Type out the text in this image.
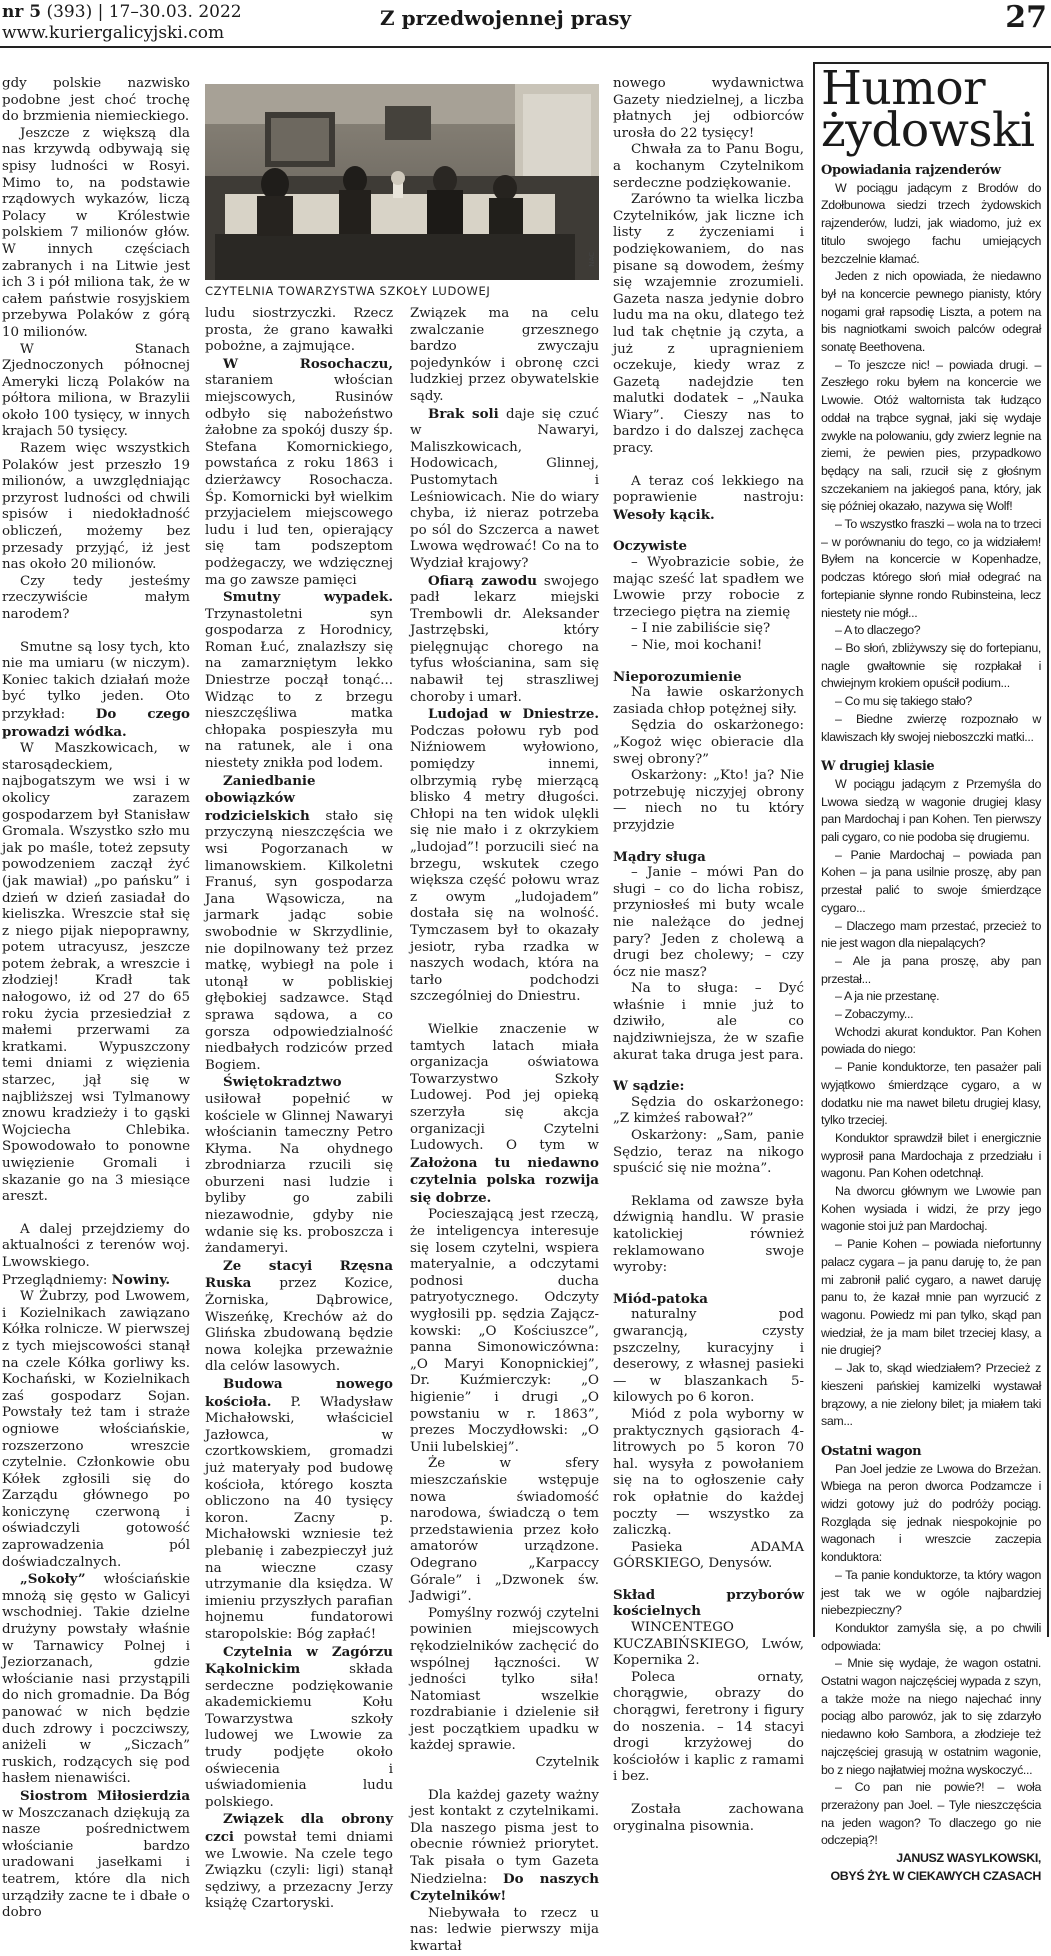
nr 5 (393) | 17–30.03. 2022
www.kuriergalicyjski.com
Z przedwojennej prasy	27

gdy polskie nazwisko podobne jest choć trochę do brzmienia niemieckiego.

Jeszcze z większą dla nas krzywdą odbywają się spisy ludności w Rosyi. Mimo to, na podstawie rządowych wykazów, liczą Polacy w Królestwie polskiem 7 milionów głów. W innych częściach zabranych i na Litwie jest ich 3 i pół miliona tak, że w całem państwie rosyjskiem przebywa Polaków z górą 10 milionów.

W Stanach Zjednoczonych północnej Ameryki liczą Polaków na półtora miliona, w Brazylii około 100 tysięcy, w innych krajach 50 tysięcy.

Razem więc wszystkich Polaków jest przeszło 19 milionów, a uwzględniając przyrost ludności od chwili spisów i niedokładność obliczeń, możemy bez przesady przyjąć, iż jest nas około 20 milionów.

Czy tedy jesteśmy rzeczywiście małym narodem?

Smutne są losy tych, kto nie ma umiaru (w niczym). Koniec takich działań może być tylko jeden. Oto przykład: Do czego prowadzi wódka.

W Maszkowicach, w starosądeckiem, najbogatszym we wsi i w okolicy zarazem gospodarzem był Stanisław Gromala. Wszystko szło mu jak po maśle, toteż zepsuty powodzeniem zaczął żyć (jak mawiał) „po pańsku” i dzień w dzień zasiadał do kieliszka. Wreszcie stał się z niego pijak niepoprawny, potem utracyusz, jeszcze potem żebrak, a wreszcie i złodziej! Kradł tak nałogowo, iż od 27 do 65 roku życia przesiedział z małemi przerwami za kratkami. Wypuszczony temi dniami z więzienia starzec, jął się w najbliższej wsi Tylmanowy znowu kradzieży i to gąski Wojciecha Chlebika. Spowodowało to ponowne uwięzienie Gromali i skazanie go na 3 miesiące areszt.

A dalej przejdziemy do aktualności z terenów woj. Lwowskiego. Przeglądniemy: Nowiny.

W Żubrzy, pod Lwowem, i Kozielnikach zawiązano Kółka rolnicze. W pierwszej z tych miejscowości stanął na czele Kółka gorliwy ks. Kochański, w Kozielnikach zaś gospodarz Sojan. Powstały też tam i straże ogniowe włościańskie, rozszerzono wreszcie czytelnie. Członkowie obu Kółek zgłosili się do Zarządu głównego po koniczynę czerwoną i oświadczyli gotowość zaprowadzenia pól doświadczalnych.

„Sokoły” włościańskie mnożą się gęsto w Galicyi wschodniej. Takie dzielne drużyny powstały właśnie w Tarnawicy Polnej i Jeziorzanach, gdzie włościanie nasi przystąpili do nich gromadnie. Da Bóg panować w nich będzie duch zdrowy i poczciwszy, aniżeli w „Siczach” ruskich, rodzących się pod hasłem nienawiści.

Siostrom Miłosierdzia w Moszczanach dziękują za nasze pośrednictwem włościanie bardzo uradowani jasełkami i teatrem, które dla nich urządziły zacne te i dbałe o dobro

CZYTELNIA TOWARZYSTWA SZKOŁY LUDOWEJ
NAC

ludu siostrzyczki. Rzecz prosta, że grano kawałki pobożne, a zajmujące.

W Rosochaczu, staraniem włościan miejscowych, Rusinów odbyło się nabożeństwo żałobne za spokój duszy śp. Stefana Komornickiego, powstańca z roku 1863 i dzierżawcy Rosochacza. Śp. Komornicki był wielkim przyjacielem miejscowego ludu i lud ten, opierający się tam podszeptom podżegaczy, we wdzięcznej ma go zawsze pamięci

Smutny wypadek. Trzynastoletni syn gospodarza z Horodnicy, Roman Łuć, znalazłszy się na zamarzniętym lekko Dniestrze począł tonąć... Widząc to z brzegu nieszczęśliwa matka chłopaka pospieszyła mu na ratunek, ale i ona niestety znikła pod lodem.

Zaniedbanie obowiązków rodzicielskich stało się przyczyną nieszczęścia we wsi Pogorzanach w limanowskiem. Kilkoletni Franuś, syn gospodarza Jana Wąsowicza, na jarmark jadąc sobie swobodnie w Skrzydlinie, nie dopilnowany też przez matkę, wybiegł na pole i utonął w pobliskiej głębokiej sadzawce. Stąd sprawa sądowa, a co gorsza odpowiedzialność niedbałych rodziców przed Bogiem.

Świętokradztwo usiłował popełnić w kościele w Glinnej Nawaryi włościanin tameczny Petro Kłyma. Na ohydnego zbrodniarza rzucili się oburzeni nasi ludzie i byliby go zabili niezawodnie, gdyby nie wdanie się ks. proboszcza i żandameryi.

Ze stacyi Rzęsna Ruska przez Kozice, Żorniska, Dąbrowice, Wiszeńkę, Krechów aż do Glińska zbudowaną będzie nowa kolejka przeważnie dla celów lasowych.

Budowa nowego kościoła. P. Władysław Michałowski, właściciel Jazłowca, w czortkowskiem, gromadzi już materyały pod budowę kościoła, którego koszta obliczono na 40 tysięcy koron. Zacny p. Michałowski wzniesie też plebanię i zabezpieczył już na wieczne czasy utrzymanie dla księdza. W imieniu przyszłych parafian hojnemu fundatorowi staropolskie: Bóg zapłać!

Czytelnia w Zagórzu Kąkolnickim	składa serdeczne podziękowanie akademickiemu Kołu Towarzystwa szkoły ludowej we Lwowie za trudy podjęte około oświecenia i uświadomienia ludu polskiego.

Związek dla obrony czci powstał temi dniami we Lwowie. Na czele tego Związku (czyli: ligi) stanął sędziwy, a przezacny Jerzy książę Czartoryski.

Związek ma na celu zwalczanie grzesznego bardzo zwyczaju pojedynków i obronę czci ludzkiej przez obywatelskie sądy.

Brak soli daje się czuć w Nawaryi, Maliszkowicach, Hodowicach, Glinnej, Pustomytach i Leśniowicach. Nie do wiary chyba, iż nieraz potrzeba po sól do Szczerca a nawet Lwowa wędrować! Co na to Wydział krajowy?

Ofiarą zawodu swojego padł lekarz miejski Trembowli dr. Aleksander Jastrzębski, który pielęgnując chorego na tyfus włościanina, sam się nabawił tej straszliwej choroby i umarł.

Ludojad w Dniestrze. Podczas połowu ryb pod Niźniowem wyłowiono, pomiędzy innemi, olbrzymią rybę mierzącą blisko 4 metry długości. Chłopi na ten widok ulękli się nie mało i z okrzykiem „ludojad”! porzucili sieć na brzegu, wskutek czego większa część połowu wraz z owym „ludojadem” dostała się na wolność. Tymczasem był to okazały jesiotr, ryba rzadka w naszych wodach, która na tarło podchodzi szczególniej do Dniestru.

Wielkie znaczenie w tamtych latach miała organizacja oświatowa Towarzystwo Szkoły Ludowej. Pod jej opieką szerzyła się akcja organizacji Czytelni Ludowych. O tym w Założona tu niedawno czytelnia polska rozwija się dobrze.

Pocieszającą jest rzeczą, że inteligencya interesuje się losem czytelni, wspiera materyalnie, a odczytami podnosi ducha patryotycznego. Odczyty wygłosili pp. sędzia Zającz-kowski: „O Kościuszce”, panna Simonowiczówna: „O Maryi Konopnickiej”, Dr. Kuźmierczyk: „O higienie” i drugi „O powstaniu w r. 1863”, prezes Moczydłowski: „O Unii lubelskiej”.

Że w sfery mieszczańskie wstępuje nowa świadomość narodowa, świadczą o tem przedstawienia przez koło amatorów urządzone. Odegrano „Karpaccy Górale” i „Dzwonek św. Jadwigi”.

Pomyślny rozwój czytelni powinien miejscowych rękodzielników zachęcić do wspólnej łączności. W jedności tylko siła! Natomiast wszelkie rozdrabianie i dzielenie sił jest początkiem upadku w każdej sprawie.

Czytelnik

Dla każdej gazety ważny jest kontakt z czytelnikami. Dla naszego pisma jest to obecnie również priorytet. Tak pisała o tym Gazeta Niedzielna: Do naszych Czytelników!

Niebywała to rzecz u nas: ledwie pierwszy mija kwartał

nowego wydawnictwa Gazety niedzielnej, a liczba płatnych jej odbiorców urosła do 22 tysięcy!

Chwała za to Panu Bogu, a kochanym Czytelnikom serdeczne podziękowanie.

Zarówno ta wielka liczba Czytelników, jak liczne ich listy z życzeniami i podziękowaniem, do nas pisane są dowodem, żeśmy się wzajemnie zrozumieli. Gazeta nasza jedynie dobro ludu ma na oku, dlatego też lud tak chętnie ją czyta, a już z upragnieniem oczekuje, kiedy wraz z Gazetą nadejdzie ten malutki dodatek – „Nauka Wiary”. Cieszy nas to bardzo i do dalszej zachęca pracy.

A teraz coś lekkiego na poprawienie nastroju: Wesoły kącik.

Oczywiste

– Wyobrazicie sobie, że mając sześć lat spadłem we Lwowie przy robocie z trzeciego piętra na ziemię

– I nie zabiliście się?

– Nie, moi kochani!

Nieporozumienie

Na ławie oskarżonych zasiada chłop potężnej siły.

Sędzia do oskarżonego: „Kogoż więc obieracie dla swej obrony?”

Oskarżony: „Kto! ja? Nie potrzebuję niczyjej obrony — niech no tu który przyjdzie

Mądry sługa

– Janie – mówi Pan do sługi – co do licha robisz, przyniosłeś mi buty wcale nie należące do jednej pary? Jeden z cholewą a drugi bez cholewy; – czy ócz nie masz?

Na to sługa: – Dyć właśnie i mnie już to dziwiło, ale co najdziwniejsza, że w szafie akurat taka druga jest para.

W sądzie:

Sędzia do oskarżonego: „Z kimżeś rabował?”

Oskarżony: „Sam, panie Sędzio, teraz na nikogo spuścić się nie można”.

Reklama od zawsze była dźwignią handlu. W prasie katolickiej również reklamowano swoje wyroby:

Miód-patoka

naturalny pod gwarancją, czysty pszczelny, kuracyjny i deserowy, z własnej pasieki — w blaszankach 5-kilowych po 6 koron.

Miód z pola wyborny w praktycznych gąsiorach 4-litrowych po 5 koron 70 hal. wysyła z powołaniem się na to ogłoszenie cały rok opłatnie do każdej poczty — wszystko za zaliczką.

Pasieka ADAMA GÓRSKIEGO, Denysów.

Skład przyborów kościelnych

WINCENTEGO KUCZABIŃSKIEGO, Lwów, Kopernika 2.

Poleca ornaty, chorągwie, obrazy do chorągwi, feretrony i figury do noszenia. – 14 stacyi drogi krzyżowej do kościołów i kaplic z ramami i bez.

Została zachowana oryginalna pisownia.

Humor
żydowski
Opowiadania rajzenderów

W pociągu jadącym z Brodów do Zdołbunowa siedzi trzech żydowskich rajzenderów, ludzi, jak wiadomo, już ex titulo swojego fachu umiejących bezczelnie kłamać.

Jeden z nich opowiada, że niedawno był na koncercie pewnego pianisty, który nogami grał rapsodię Liszta, a potem na bis nagniotkami swoich palców odegrał sonatę Beethovena.

– To jeszcze nic! – powiada drugi. – Zeszłego roku byłem na koncercie we Lwowie. Otóż waltornista tak łudząco oddał na trąbce sygnał, jaki się wydaje zwykle na polowaniu, gdy zwierz legnie na ziemi, że pewien pies, przypadkowo będący na sali, rzucił się z głośnym szczekaniem na jakiegoś pana, który, jak się później okazało, nazywa się Wolf!

– To wszystko fraszki – wola na to trzeci – w porównaniu do tego, co ja widziałem! Byłem na koncercie w Kopenhadze, podczas którego słoń miał odegrać na fortepianie słynne rondo Rubinsteina, lecz niestety nie mógł...

– A to dlaczego?

– Bo słoń, zbliżywszy się do fortepianu, nagle gwałtownie się rozpłakał i chwiejnym krokiem opuścił podium...

– Co mu się takiego stało?

– Biedne zwierzę rozpoznało w klawiszach kły swojej nieboszczki matki...

W drugiej klasie

W pociągu jadącym z Przemyśla do Lwowa siedzą w wagonie drugiej klasy pan Mardochaj i pan Kohen. Ten pierwszy pali cygaro, co nie podoba się drugiemu.

– Panie Mardochaj – powiada pan Kohen – ja pana usilnie proszę, aby pan przestał palić to swoje śmierdzące cygaro...

– Dlaczego mam przestać, przecież to nie jest wagon dla niepalących?

– Ale ja pana proszę, aby pan przestał...

– A ja nie przestanę.

– Zobaczymy...

Wchodzi akurat konduktor. Pan Kohen powiada do niego:

– Panie konduktorze, ten pasażer pali wyjątkowo śmierdzące cygaro, a w dodatku nie ma nawet biletu drugiej klasy, tylko trzeciej.

Konduktor sprawdził bilet i energicznie wyprosił pana Mardochaja z przedziału i wagonu. Pan Kohen odetchnął.

Na dworcu głównym we Lwowie pan Kohen wysiada i widzi, że przy jego wagonie stoi już pan Mardochaj.

– Panie Kohen – powiada niefortunny palacz cygara – ja panu daruję to, że pan mi zabronił palić cygaro, a nawet daruję panu to, że kazał mnie pan wyrzucić z wagonu. Powiedz mi pan tylko, skąd pan wiedział, że ja mam bilet trzeciej klasy, a nie drugiej?

– Jak to, skąd wiedziałem? Przecież z kieszeni pańskiej kamizelki wystawał brązowy, a nie zielony bilet; ja miałem taki sam...

Ostatni wagon

Pan Joel jedzie ze Lwowa do Brzeżan. Wbiega na peron dworca Podzamcze i widzi gotowy już do podróży pociąg. Rozgląda się jednak niespokojnie po wagonach i wreszcie zaczepia konduktora:

– Ta panie konduktorze, ta który wagon jest tak we w ogóle najbardziej niebezpieczny?

Konduktor zamyśla się, a po chwili odpowiada:

– Mnie się wydaje, że wagon ostatni. Ostatni wagon najczęściej wypada z szyn, a także może na niego najechać inny pociąg albo parowóz, jak to się zdarzyło niedawno koło Sambora, a złodzieje też najczęściej grasują w ostatnim wagonie, bo z niego najłatwiej można wyskoczyć...

– Co pan nie powie?! – woła przerażony pan Joel. – Tyle nieszczęścia na jeden wagon? To dlaczego go nie odczepią?!

JANUSZ WASYLKOWSKI,

OBYŚ ŻYŁ W CIEKAWYCH CZASACH
